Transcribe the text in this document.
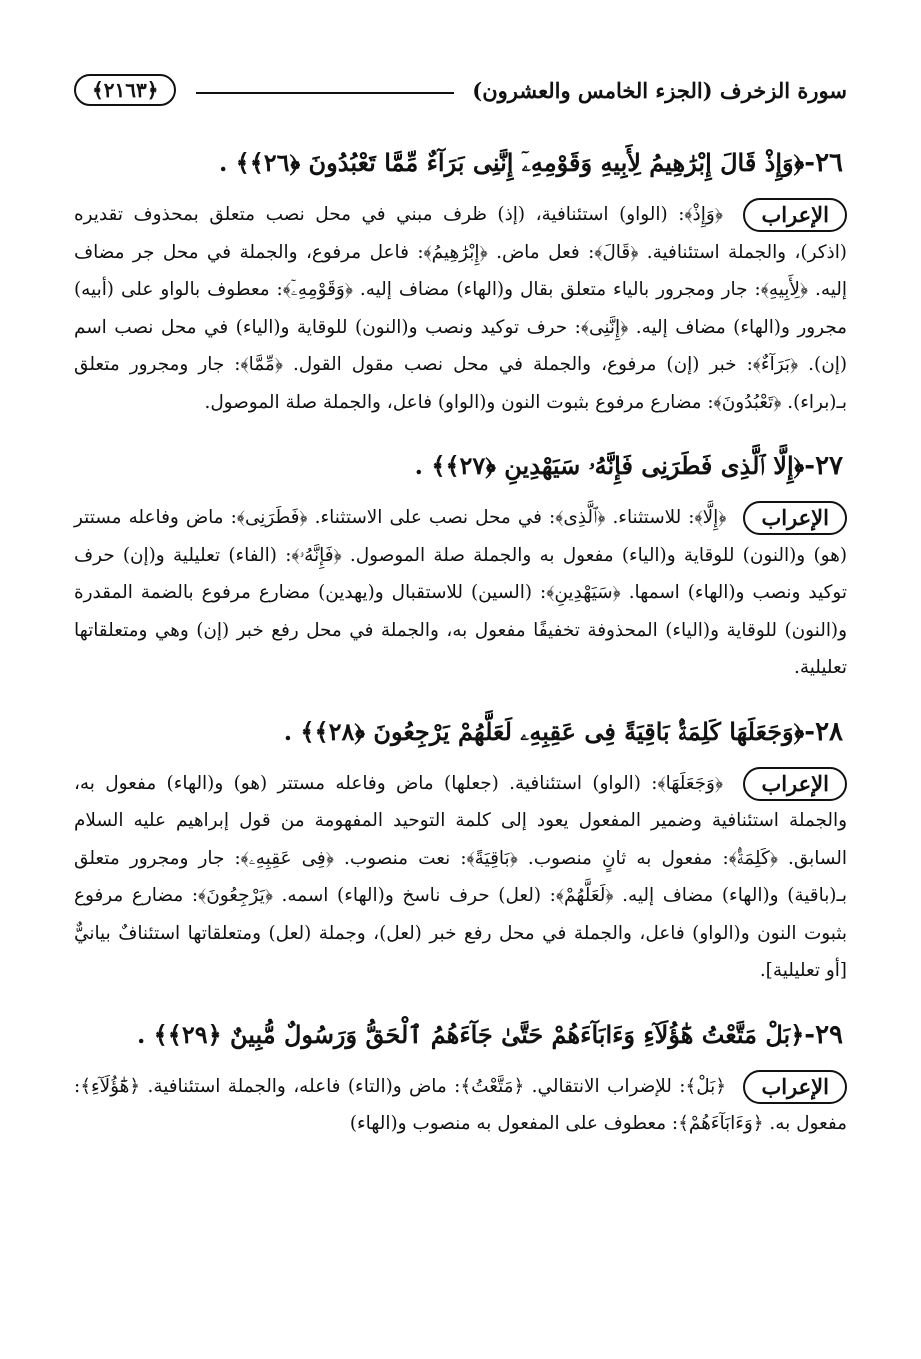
سورة الزخرف (الجزء الخامس والعشرون)
﴿٢١٦٣﴾
٢٦-﴿وَإِذْ قَالَ إِبْرَٰهِيمُ لِأَبِيهِ وَقَوْمِهِۦٓ إِنَّنِى بَرَآءٌ مِّمَّا تَعْبُدُونَ ﴿٢٦﴾﴾ .

الإعراب ﴿وَإِذْ﴾: (الواو) استئنافية، (إذ) ظرف مبني في محل نصب متعلق بمحذوف تقديره (اذكر)، والجملة استئنافية. ﴿قَالَ﴾: فعل ماض. ﴿إِبْرَٰهِيمُ﴾: فاعل مرفوع، والجملة في محل جر مضاف إليه. ﴿لِأَبِيهِ﴾: جار ومجرور بالياء متعلق بقال و(الهاء) مضاف إليه. ﴿وَقَوْمِهِۦٓ﴾: معطوف بالواو على (أبيه) مجرور و(الهاء) مضاف إليه. ﴿إِنَّنِى﴾: حرف توكيد ونصب و(النون) للوقاية و(الياء) في محل نصب اسم (إن). ﴿بَرَآءٌ﴾: خبر (إن) مرفوع، والجملة في محل نصب مقول القول. ﴿مِّمَّا﴾: جار ومجرور متعلق بـ(براء). ﴿تَعْبُدُونَ﴾: مضارع مرفوع بثبوت النون و(الواو) فاعل، والجملة صلة الموصول.

٢٧-﴿إِلَّا ٱلَّذِى فَطَرَنِى فَإِنَّهُۥ سَيَهْدِينِ ﴿٢٧﴾﴾ .

الإعراب ﴿إِلَّا﴾: للاستثناء. ﴿ٱلَّذِى﴾: في محل نصب على الاستثناء. ﴿فَطَرَنِى﴾: ماض وفاعله مستتر (هو) و(النون) للوقاية و(الياء) مفعول به والجملة صلة الموصول. ﴿فَإِنَّهُۥ﴾: (الفاء) تعليلية و(إن) حرف توكيد ونصب و(الهاء) اسمها. ﴿سَيَهْدِينِ﴾: (السين) للاستقبال و(يهدين) مضارع مرفوع بالضمة المقدرة و(النون) للوقاية و(الياء) المحذوفة تخفيفًا مفعول به، والجملة في محل رفع خبر (إن) وهي ومتعلقاتها تعليلية.

٢٨-﴿وَجَعَلَهَا كَلِمَةًۢ بَاقِيَةً فِى عَقِبِهِۦ لَعَلَّهُمْ يَرْجِعُونَ ﴿٢٨﴾﴾ .

الإعراب ﴿وَجَعَلَهَا﴾: (الواو) استئنافية. (جعلها) ماض وفاعله مستتر (هو) و(الهاء) مفعول به، والجملة استئنافية وضمير المفعول يعود إلى كلمة التوحيد المفهومة من قول إبراهيم عليه السلام السابق. ﴿كَلِمَةًۢ﴾: مفعول به ثانٍ منصوب. ﴿بَاقِيَةً﴾: نعت منصوب. ﴿فِى عَقِبِهِۦ﴾: جار ومجرور متعلق بـ(باقية) و(الهاء) مضاف إليه. ﴿لَعَلَّهُمْ﴾: (لعل) حرف ناسخ و(الهاء) اسمه. ﴿يَرْجِعُونَ﴾: مضارع مرفوع بثبوت النون و(الواو) فاعل، والجملة في محل رفع خبر (لعل)، وجملة (لعل) ومتعلقاتها استئنافٌ بيانيٌّ [أو تعليلية].

٢٩-﴿بَلْ مَتَّعْتُ هَٰٓؤُلَآءِ وَءَابَآءَهُمْ حَتَّىٰ جَآءَهُمُ ٱلْحَقُّ وَرَسُولٌ مُّبِينٌ ﴿٢٩﴾﴾ .

الإعراب ﴿بَلْ﴾: للإضراب الانتقالي. ﴿مَتَّعْتُ﴾: ماض و(التاء) فاعله، والجملة استئنافية. ﴿هَٰٓؤُلَآءِ﴾: مفعول به. ﴿وَءَابَآءَهُمْ﴾: معطوف على المفعول به منصوب و(الهاء)
